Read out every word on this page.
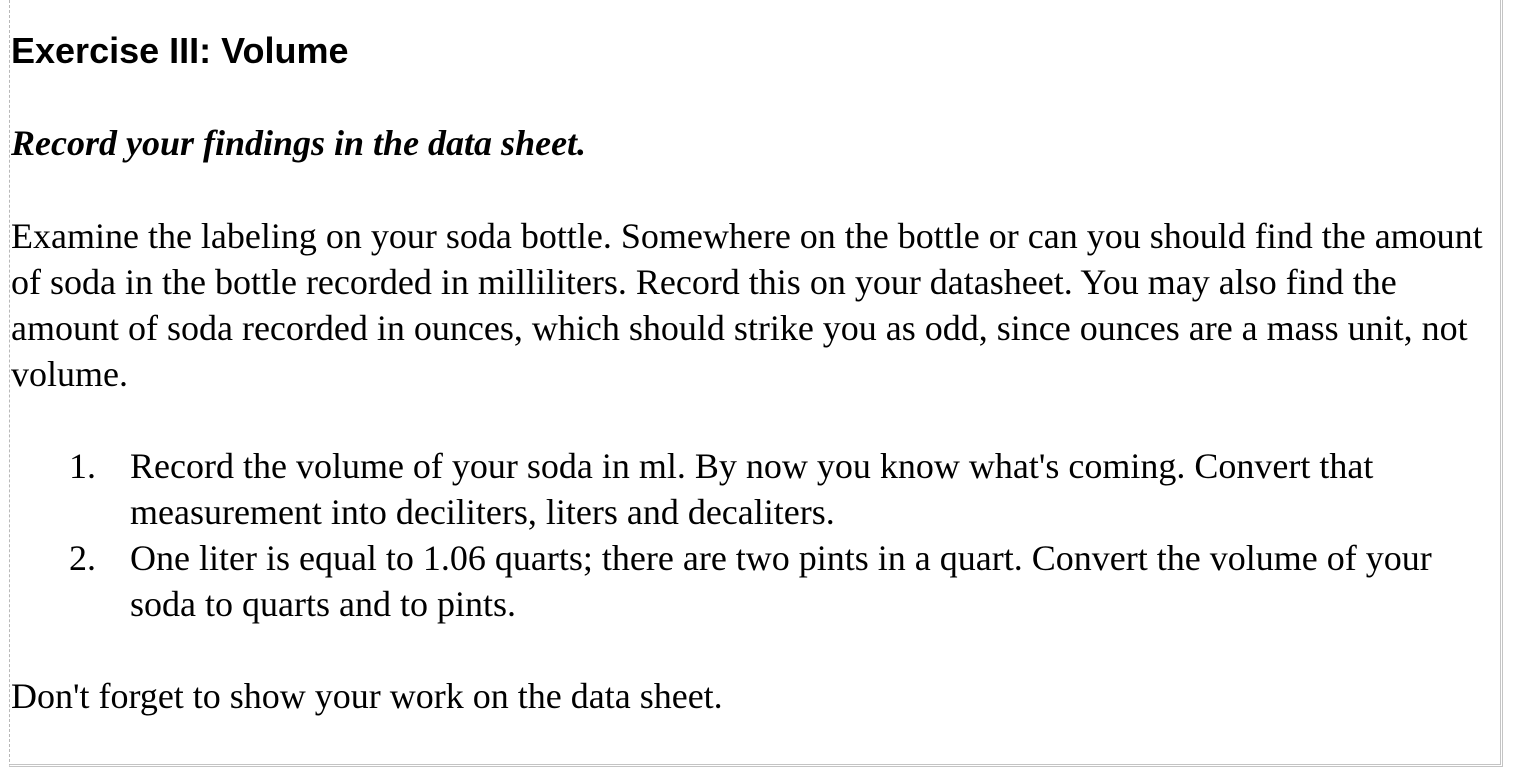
Exercise III: Volume

Record your findings in the data sheet.

Examine the labeling on your soda bottle. Somewhere on the bottle or can you should find the amount of soda in the bottle recorded in milliliters. Record this on your datasheet. You may also find the amount of soda recorded in ounces, which should strike you as odd, since ounces are a mass unit, not volume.

1. Record the volume of your soda in ml. By now you know what's coming. Convert that measurement into deciliters, liters and decaliters.
2. One liter is equal to 1.06 quarts; there are two pints in a quart. Convert the volume of your soda to quarts and to pints.

Don't forget to show your work on the data sheet.
